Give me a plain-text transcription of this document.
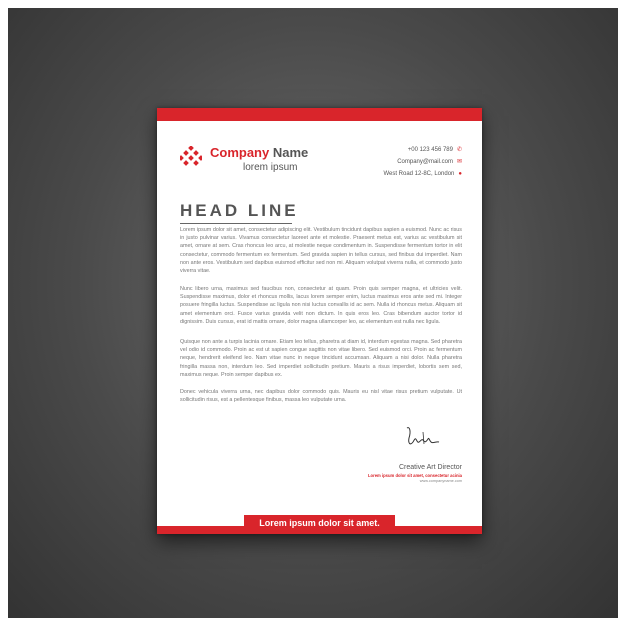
Company Name
lorem ipsum
+00 123 456 789 ✆
Company@mail.com ✉
West Road 12-8C, London ●
HEAD LINE
Lorem ipsum dolor sit amet, consectetur adipiscing elit. Vestibulum tincidunt dapibus sapien a euismod. Nunc ac risus in justo pulvinar varius. Vivamus consectetur laoreet ante et molestie. Praesent metus est, varius ac vestibulum sit amet, ornare at sem. Cras rhoncus leo arcu, at molestie neque condimentum in. Suspendisse fermentum tortor in elit consectetur, commodo fermentum ex fermentum. Sed gravida sapien in tellus cursus, sed finibus dui imperdiet. Nam non ante eros. Vestibulum sed dapibus euismod efficitur sed non mi. Aliquam volutpat viverra nulla, et commodo justo viverra vitae.
Nunc libero urna, maximus sed faucibus non, consectetur at quam. Proin quis semper magna, et ultricies velit. Suspendisse maximus, dolor et rhoncus mollis, lacus lorem semper enim, luctus maximus eros ante sed mi. Integer posuere fringilla luctus. Suspendisse ac ligula non nisi luctus convallis id ac sem. Nulla id rhoncus metus. Aliquam sit amet elementum orci. Fusce varius gravida velit non dictum. In quis eros leo. Cras bibendum auctor tortor id dignissim. Duis cursus, erat id mattis ornare, dolor magna ullamcorper leo, ac elementum est nulla nec ligula.
Quisque non ante a turpis lacinia ornare. Etiam leo tellus, pharetra at diam id, interdum egestas magna. Sed pharetra vel odio id commodo. Proin ac est ut sapien congue sagittis non vitae libero. Sed euismod orci. Proin ac fermentum neque, hendrerit eleifend leo. Nam vitae nunc in neque tincidunt accumsan. Aliquam a nisi dolor. Nulla pharetra fringilla massa non, interdum leo. Sed imperdiet sollicitudin pretium. Mauris a risus imperdiet, lobortis sem sed, maximus neque. Proin semper dapibus ex.
Donec vehicula viverra urna, nec dapibus dolor commodo quis. Mauris eu nisl vitae risus pretium vulputate. Ut sollicitudin risus, est a pellentesque finibus, massa leo vulputate urna.
Creative Art Director
Lorem ipsum dolor sit amet, consectetur acinia
www.companyname.com
Lorem ipsum dolor sit amet.
